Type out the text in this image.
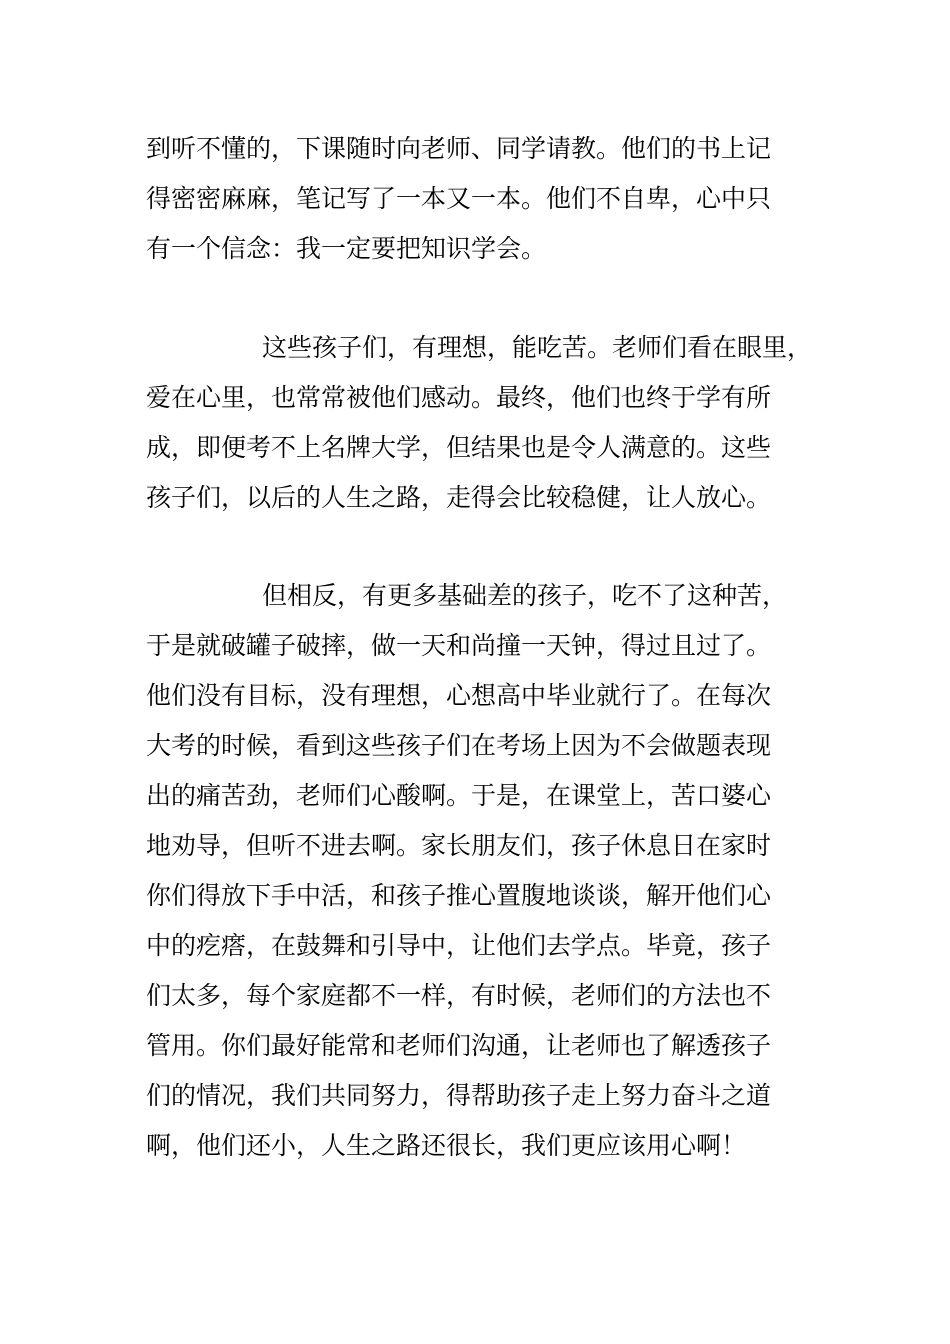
到听不懂的，下课随时向老师、同学请教。他们的书上记
得密密麻麻，笔记写了一本又一本。他们不自卑，心中只
有一个信念：我一定要把知识学会。
这些孩子们，有理想，能吃苦。老师们看在眼里，
爱在心里，也常常被他们感动。最终，他们也终于学有所
成，即便考不上名牌大学，但结果也是令人满意的。这些
孩子们，以后的人生之路，走得会比较稳健，让人放心。
但相反，有更多基础差的孩子，吃不了这种苦，
于是就破罐子破摔，做一天和尚撞一天钟，得过且过了。
他们没有目标，没有理想，心想高中毕业就行了。在每次
大考的时候，看到这些孩子们在考场上因为不会做题表现
出的痛苦劲，老师们心酸啊。于是，在课堂上，苦口婆心
地劝导，但听不进去啊。家长朋友们，孩子休息日在家时
你们得放下手中活，和孩子推心置腹地谈谈，解开他们心
中的疙瘩，在鼓舞和引导中，让他们去学点。毕竟，孩子
们太多，每个家庭都不一样，有时候，老师们的方法也不
管用。你们最好能常和老师们沟通，让老师也了解透孩子
们的情况，我们共同努力，得帮助孩子走上努力奋斗之道
啊，他们还小，人生之路还很长，我们更应该用心啊！
